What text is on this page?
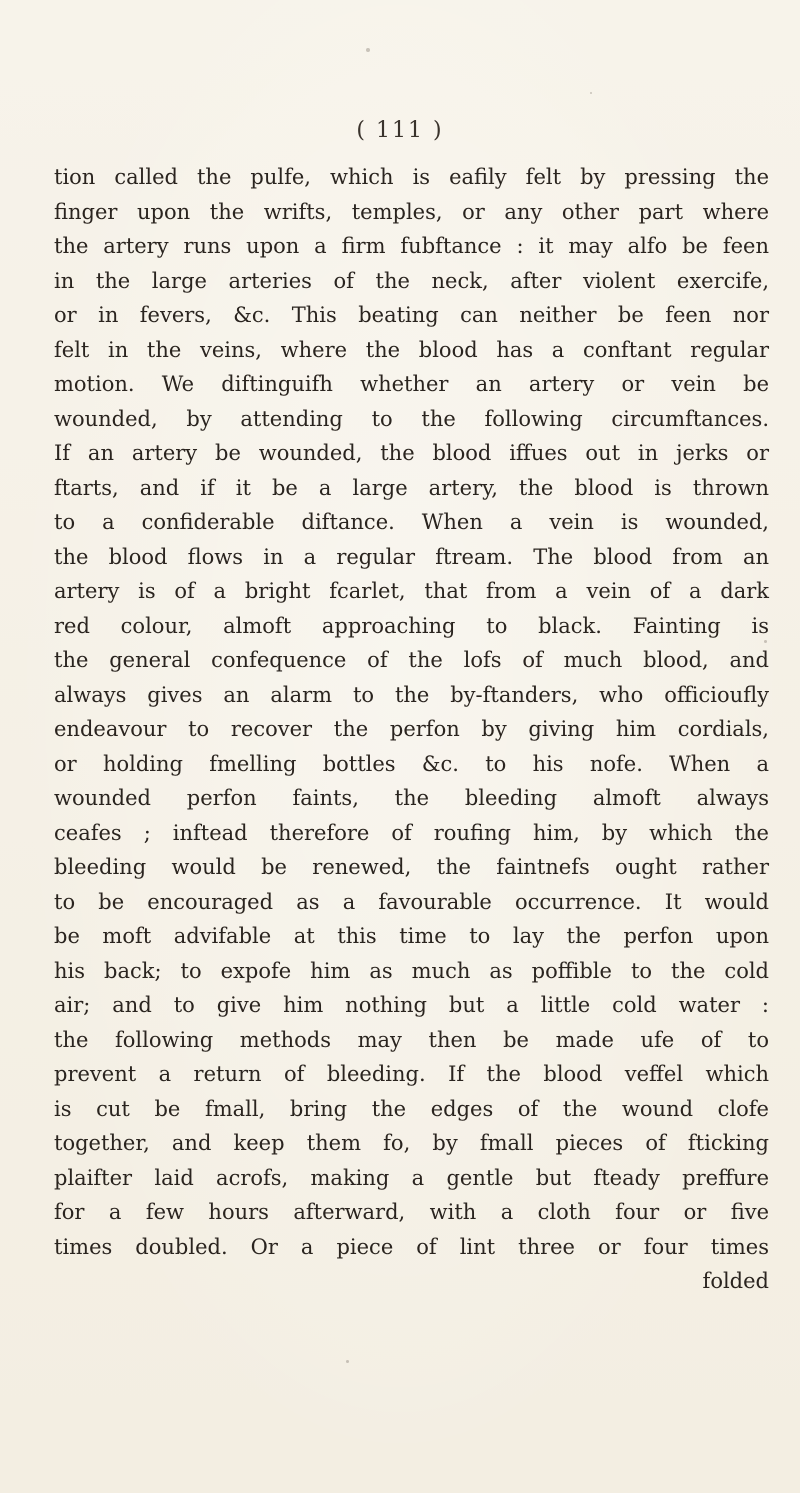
( 111 )
tion called the pulfe, which is eafily felt by pressing the
finger upon the wrifts, temples, or any other part where
the artery runs upon a firm fubftance : it may alfo be feen
in the large arteries of the neck, after violent exercife,
or in fevers, &c. This beating can neither be feen nor
felt in the veins, where the blood has a conftant regular
motion. We diftinguifh whether an artery or vein be
wounded, by attending to the following circumftances.
If an artery be wounded, the blood iffues out in jerks or
ftarts, and if it be a large artery, the blood is thrown
to a confiderable diftance. When a vein is wounded,
the blood flows in a regular ftream. The blood from an
artery is of a bright fcarlet, that from a vein of a dark
red colour, almoft approaching to black. Fainting is
the general confequence of the lofs of much blood, and
always gives an alarm to the by-ftanders, who officioufly
endeavour to recover the perfon by giving him cordials,
or holding fmelling bottles &c. to his nofe. When a
wounded perfon faints, the bleeding almoft always
ceafes ; inftead therefore of roufing him, by which the
bleeding would be renewed, the faintnefs ought rather
to be encouraged as a favourable occurrence. It would
be moft advifable at this time to lay the perfon upon
his back; to expofe him as much as poffible to the cold
air; and to give him nothing but a little cold water :
the following methods may then be made ufe of to
prevent a return of bleeding. If the blood veffel which
is cut be fmall, bring the edges of the wound clofe
together, and keep them fo, by fmall pieces of fticking
plaifter laid acrofs, making a gentle but fteady preffure
for a few hours afterward, with a cloth four or five
times doubled. Or a piece of lint three or four times
folded
